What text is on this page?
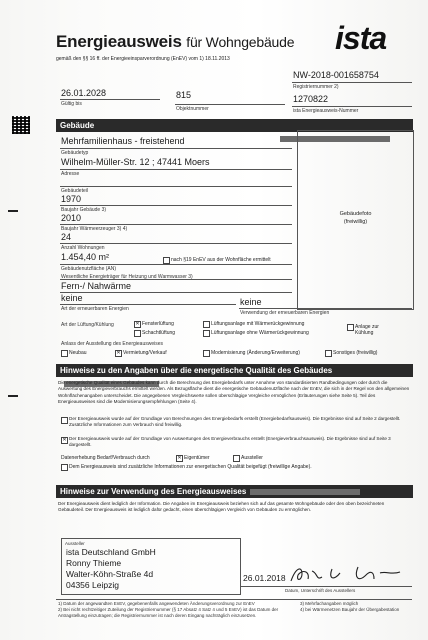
Energieausweis für Wohngebäude
gemäß den §§ 16 ff. der Energieeinsparverordnung (EnEV) vom 1) 18.11.2013
ista
26.01.2028
Gültig bis
815
Objektnummer
NW-2018-001658754
Registriernummer 2)
1270822
ista Energieausweis-Nummer
Gebäude
Mehrfamilienhaus - freistehend
Gebäudetyp
Wilhelm-Müller-Str. 12 ; 47441 Moers
Adresse
Gebäudeteil
1970
Baujahr Gebäude 3)
2010
Baujahr Wärmeerzeuger 3) 4)
24
Anzahl Wohnungen
1.454,40 m²	nach §19 EnEV aus der Wohnfläche ermittelt
Gebäudenutzfläche (AN)
Wesentliche Energieträger für Heizung und Warmwasser 3)
Fern-/ Nahwärme
Gebäudefoto
(freiwillig)
keine
Art der erneuerbaren Energien
keine
Verwendung der erneuerbaren Energien
Art der Lüftung/Kühlung	✕ Fensterlüftung
Schachtlüftung
Lüftungsanlage mit Wärmerückgewinnung
Lüftungsanlage ohne Wärmerückgewinnung
Anlage zur Kühlung
Anlass der Ausstellung des Energieausweises
Neubau	✕ Vermietung/Verkauf	Modernisierung (Änderung/Erweiterung)	Sonstiges (freiwillig)
Hinweise zu den Angaben über die energetische Qualität des Gebäudes
Die energetische Qualität eines Gebäudes kann durch die Berechnung des Energiebedarfs unter Annahme von standardisierten Randbedingungen oder durch die Auswertung des Energieverbrauchs ermittelt werden. Als Bezugsfläche dient die energetische Gebäudenutzfläche nach der EnEV, die sich in der Regel von den allgemeinen Wohnflächenangaben unterscheidet. Die angegebenen Vergleichswerte sollen überschlägige Vergleiche ermöglichen (Erläuterungen siehe Seite 5). Teil des Energieausweises sind die Modernisierungsempfehlungen (Seite 4).
Der Energieausweis wurde auf der Grundlage von Berechnungen des Energiebedarfs erstellt (Energiebedarfsausweis). Die Ergebnisse sind auf Seite 2 dargestellt. Zusätzliche Informationen zum Verbrauch sind freiwillig.
✕ Der Energieausweis wurde auf der Grundlage von Auswertungen des Energieverbrauchs erstellt (Energieverbrauchsausweis). Die Ergebnisse sind auf Seite 3 dargestellt.
Datenerhebung Bedarf/Verbrauch durch	✕ Eigentümer	Aussteller
Dem Energieausweis sind zusätzliche Informationen zur energetischen Qualität beigefügt (freiwillige Angabe).
Hinweise zur Verwendung des Energieausweises
Der Energieausweis dient lediglich der Information. Die Angaben im Energieausweis beziehen sich auf das gesamte Wohngebäude oder den oben bezeichneten Gebäudeteil. Der Energieausweis ist lediglich dafür gedacht, einen überschlägigen Vergleich von Gebäuden zu ermöglichen.
Aussteller
ista Deutschland GmbH
Ronny Thieme
Walter-Köhn-Straße 4d
04356 Leipzig
26.01.2018
Datum, Unterschrift des Ausstellers
1) Datum der angewandten EnEV, gegebenenfalls angewendeten Änderungsverordnung zur EnEV
2) Bei nicht rechtzeitiger Zuteilung der Registriernummer (§ 17 Absatz 4 Satz 4 und 5 EnEV) ist das Datum der
Antragstellung einzutragen; die Registriernummer ist nach deren Eingang nachträglich einzusetzen.
3) Mehrfachangaben möglich
4) bei Wärmenetzen Baujahr der Übergabestation
